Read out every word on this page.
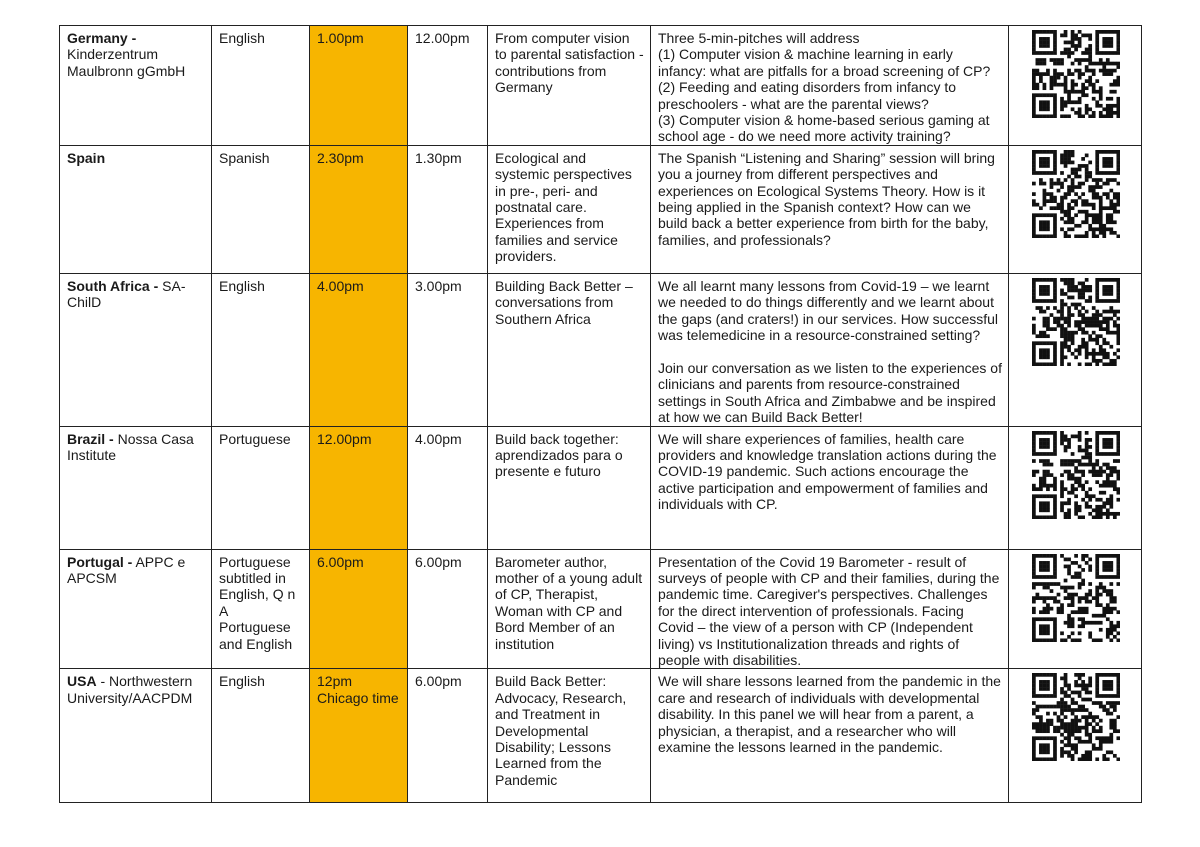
Germany - Kinderzentrum Maulbronn gGmbH	English	1.00pm	12.00pm	From computer vision to parental satisfaction - contributions from Germany	Three 5-min-pitches will address
(1) Computer vision & machine learning in early infancy: what are pitfalls for a broad screening of CP? (2) Feeding and eating disorders from infancy to preschoolers - what are the parental views?
(3) Computer vision & home-based serious gaming at school age - do we need more activity training?

Spain	Spanish	2.30pm	1.30pm	Ecological and systemic perspectives in pre-, peri- and postnatal care. Experiences from families and service providers.	The Spanish “Listening and Sharing” session will bring you a journey from different perspectives and experiences on Ecological Systems Theory. How is it being applied in the Spanish context? How can we build back a better experience from birth for the baby, families, and professionals?

South Africa - SA-ChilD	English	4.00pm	3.00pm	Building Back Better – conversations from Southern Africa	We all learnt many lessons from Covid-19 – we learnt we needed to do things differently and we learnt about the gaps (and craters!) in our services. How successful was telemedicine in a resource-constrained setting?

Join our conversation as we listen to the experiences of clinicians and parents from resource-constrained settings in South Africa and Zimbabwe and be inspired at how we can Build Back Better!

Brazil - Nossa Casa Institute	Portuguese	12.00pm	4.00pm	Build back together: aprendizados para o presente e futuro	We will share experiences of families, health care providers and knowledge translation actions during the COVID-19 pandemic. Such actions encourage the active participation and empowerment of families and individuals with CP.

Portugal - APPC e APCSM	Portuguese subtitled in English, Q n A Portuguese and English	6.00pm	6.00pm	Barometer author, mother of a young adult of CP, Therapist, Woman with CP and Bord Member of an institution	Presentation of the Covid 19 Barometer - result of surveys of people with CP and their families, during the pandemic time. Caregiver's perspectives. Challenges for the direct intervention of professionals. Facing Covid – the view of a person with CP (Independent living) vs Institutionalization threads and rights of people with disabilities.

USA - Northwestern University/AACPDM	English	12pm Chicago time	6.00pm	Build Back Better: Advocacy, Research, and Treatment in Developmental Disability; Lessons Learned from the Pandemic	We will share lessons learned from the pandemic in the care and research of individuals with developmental disability. In this panel we will hear from a parent, a physician, a therapist, and a researcher who will examine the lessons learned in the pandemic.
